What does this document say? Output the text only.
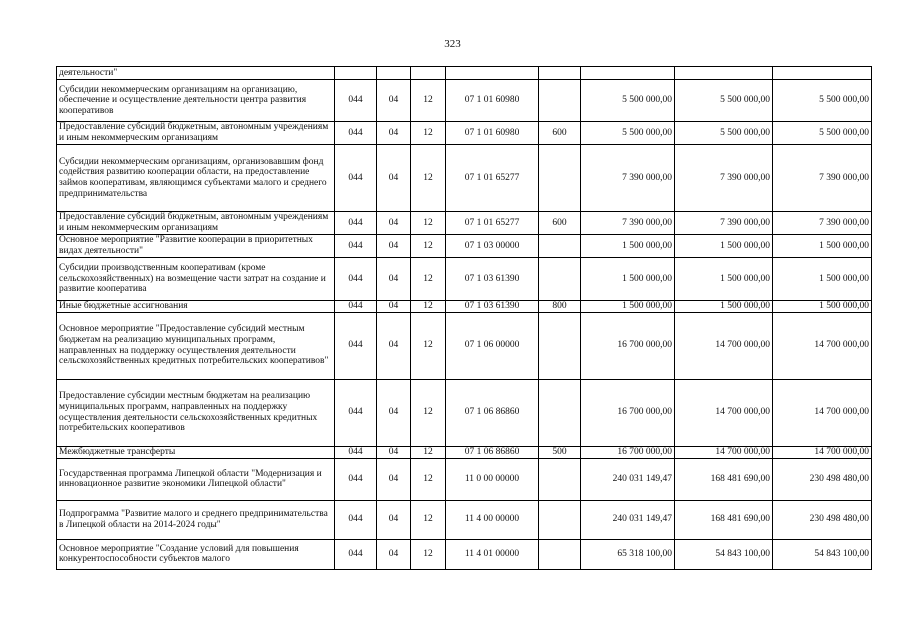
323
деятельности"								
Субсидии некоммерческим организациям на организацию, обеспечение и осуществление деятельности центра развития кооперативов	044	04	12	07 1 01 60980		5 500 000,00	5 500 000,00	5 500 000,00
Предоставление субсидий бюджетным, автономным учреждениям и иным некоммерческим организациям	044	04	12	07 1 01 60980	600	5 500 000,00	5 500 000,00	5 500 000,00
Субсидии некоммерческим организациям, организовавшим фонд содействия развитию кооперации области, на предоставление займов кооперативам, являющимся субъектами малого и среднего предпринимательства	044	04	12	07 1 01 65277		7 390 000,00	7 390 000,00	7 390 000,00
Предоставление субсидий бюджетным, автономным учреждениям и иным некоммерческим организациям	044	04	12	07 1 01 65277	600	7 390 000,00	7 390 000,00	7 390 000,00
Основное мероприятие "Развитие кооперации в приоритетных видах деятельности"	044	04	12	07 1 03 00000		1 500 000,00	1 500 000,00	1 500 000,00
Субсидии производственным кооперативам (кроме сельскохозяйственных) на возмещение части затрат на создание и развитие кооператива	044	04	12	07 1 03 61390		1 500 000,00	1 500 000,00	1 500 000,00
Иные бюджетные ассигнования	044	04	12	07 1 03 61390	800	1 500 000,00	1 500 000,00	1 500 000,00
Основное мероприятие "Предоставление субсидий местным бюджетам на реализацию муниципальных программ, направленных на поддержку осуществления деятельности сельскохозяйственных кредитных потребительских кооперативов"	044	04	12	07 1 06 00000		16 700 000,00	14 700 000,00	14 700 000,00
Предоставление субсидии местным бюджетам на реализацию муниципальных программ, направленных на поддержку осуществления деятельности сельскохозяйственных кредитных потребительских кооперативов	044	04	12	07 1 06 86860		16 700 000,00	14 700 000,00	14 700 000,00
Межбюджетные трансферты	044	04	12	07 1 06 86860	500	16 700 000,00	14 700 000,00	14 700 000,00
Государственная программа Липецкой области "Модернизация и инновационное развитие экономики Липецкой области"	044	04	12	11 0 00 00000		240 031 149,47	168 481 690,00	230 498 480,00
Подпрограмма "Развитие малого и среднего предпринимательства в Липецкой области на 2014-2024 годы"	044	04	12	11 4 00 00000		240 031 149,47	168 481 690,00	230 498 480,00
Основное мероприятие "Создание условий для повышения конкурентоспособности субъектов малого	044	04	12	11 4 01 00000		65 318 100,00	54 843 100,00	54 843 100,00
